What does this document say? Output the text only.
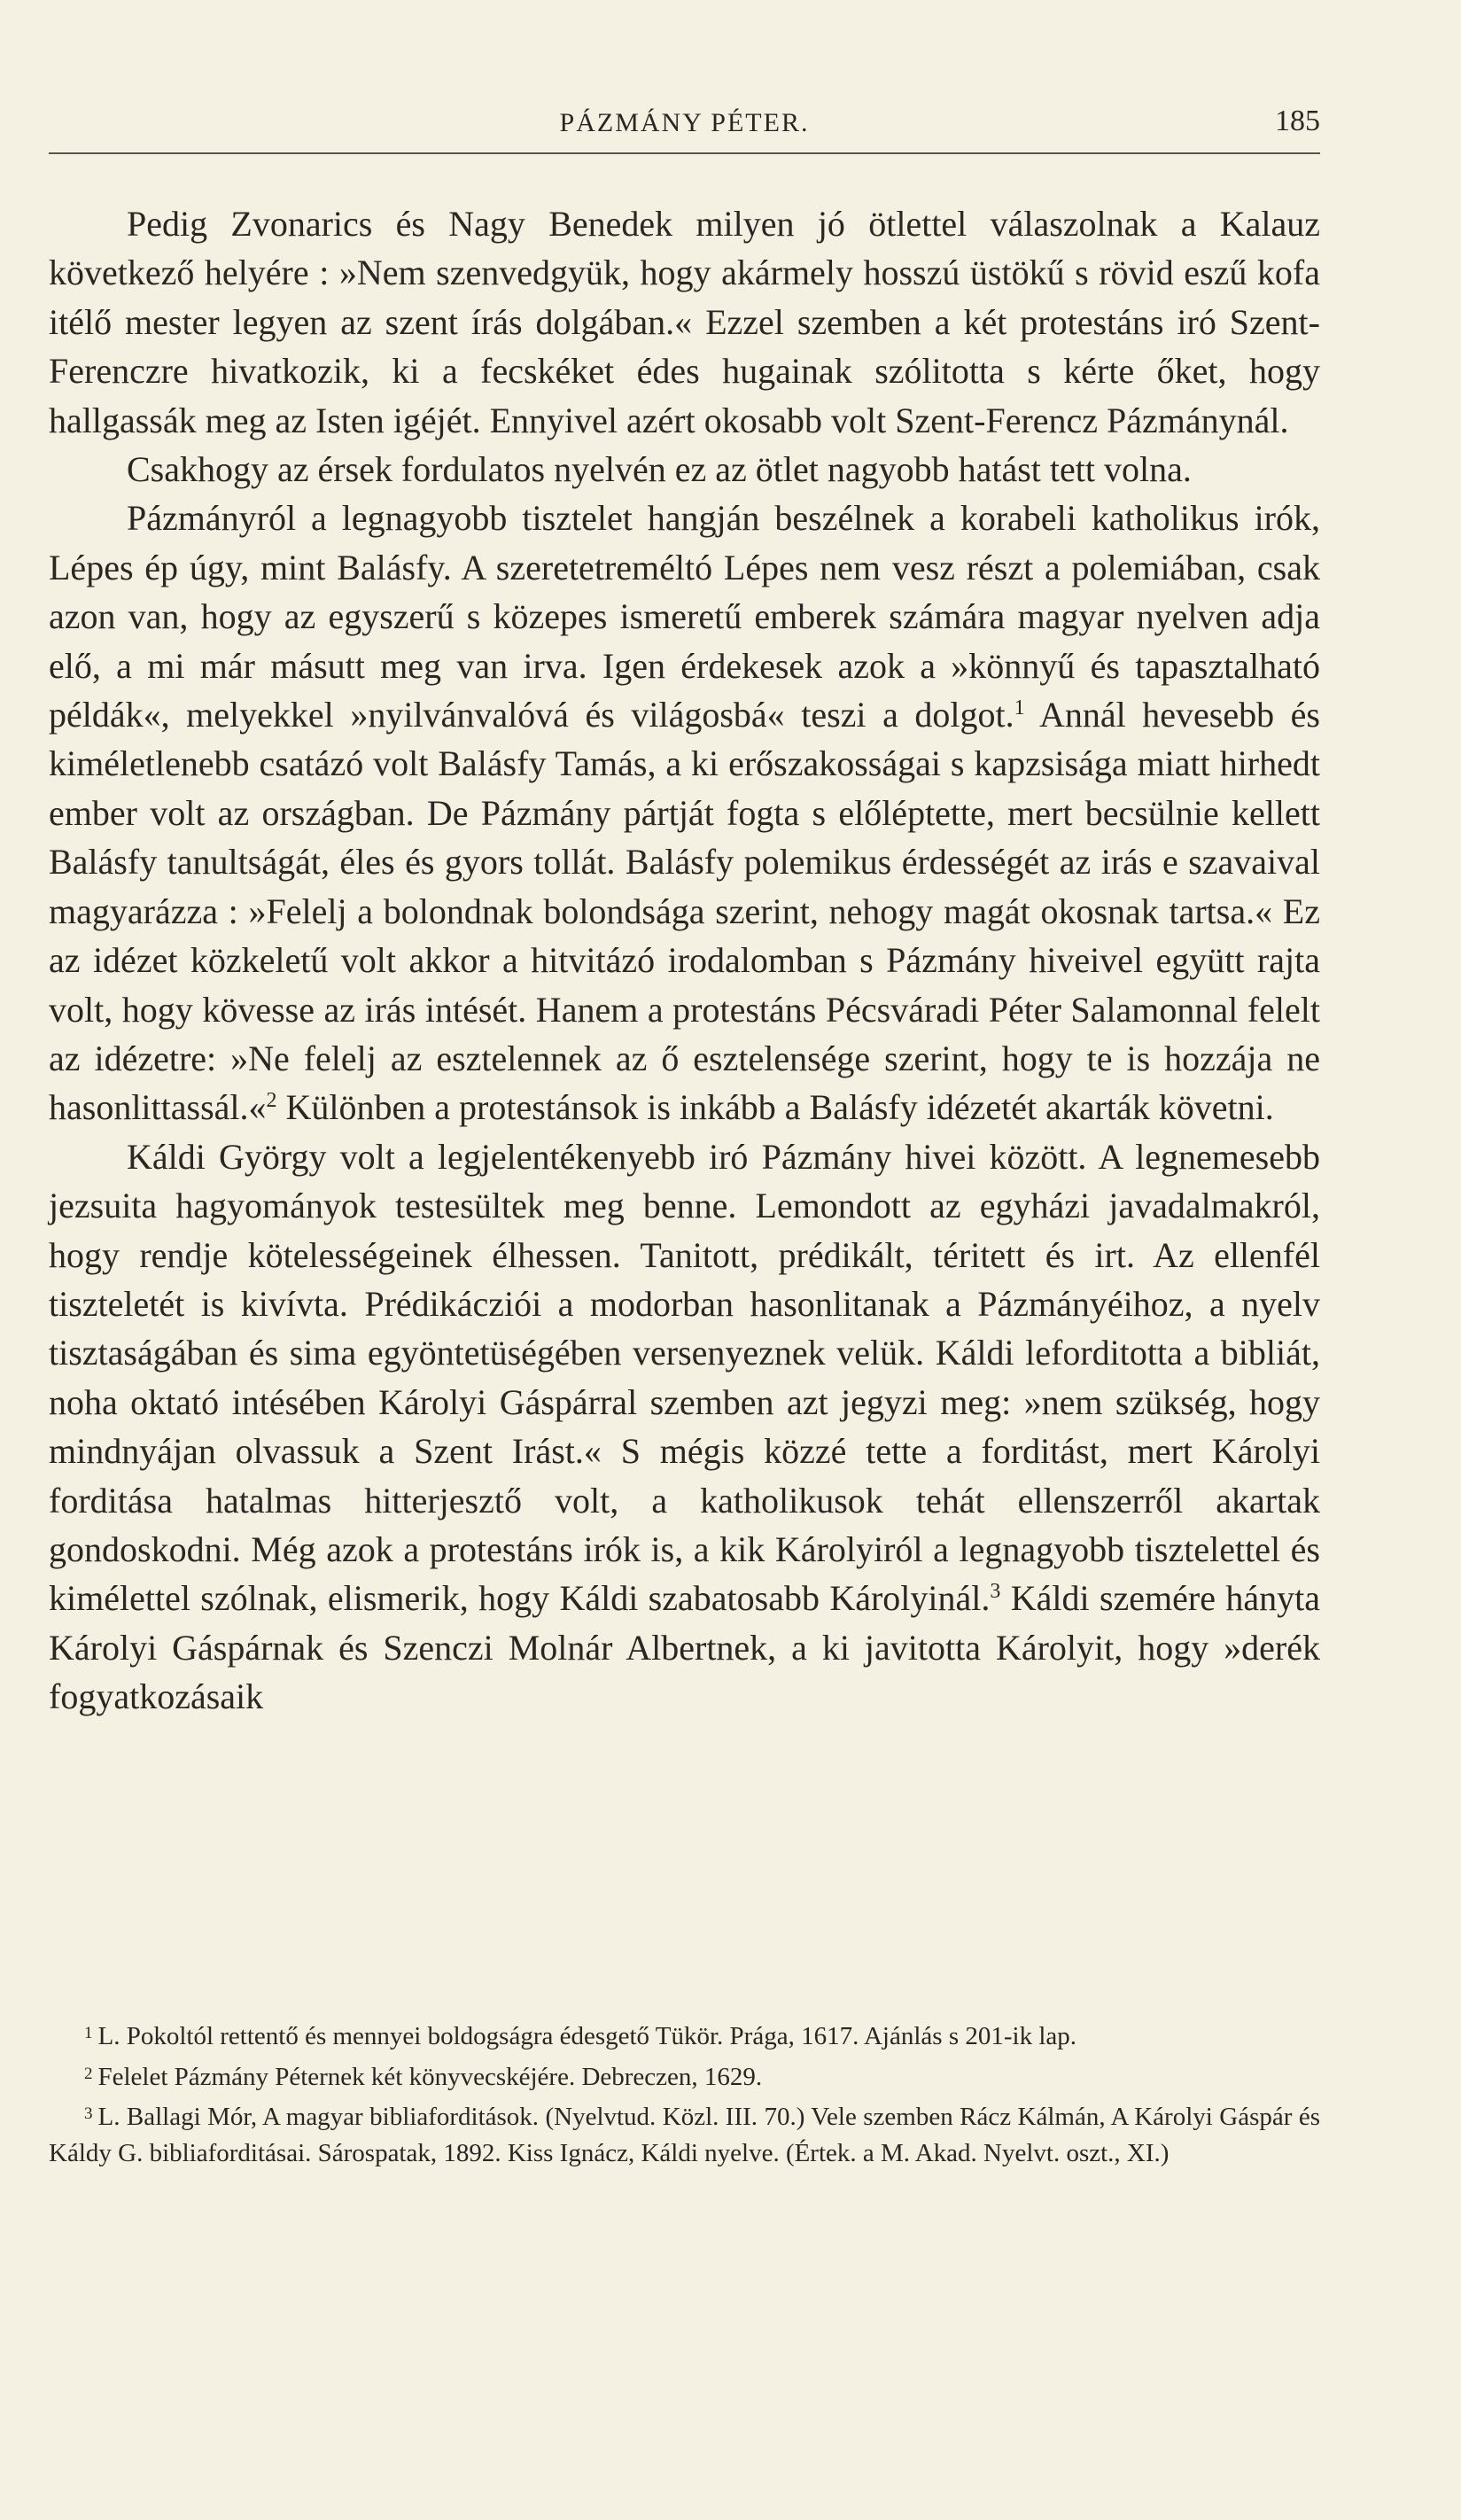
PÁZMÁNY PÉTER.	185

Pedig Zvonarics és Nagy Benedek milyen jó ötlettel válaszolnak a Kalauz következő helyére : »Nem szenvedgyük, hogy akármely hosszú üstökű s rövid eszű kofa itélő mester legyen az szent írás dolgában.« Ezzel szemben a két protestáns iró Szent-Ferenczre hivatkozik, ki a fecskéket édes hugainak szólitotta s kérte őket, hogy hallgassák meg az Isten igéjét. Ennyivel azért okosabb volt Szent-Ferencz Pázmánynál.

Csakhogy az érsek fordulatos nyelvén ez az ötlet nagyobb hatást tett volna.

Pázmányról a legnagyobb tisztelet hangján beszélnek a korabeli katholikus irók, Lépes ép úgy, mint Balásfy. A szeretetreméltó Lépes nem vesz részt a polemiában, csak azon van, hogy az egyszerű s közepes ismeretű emberek számára magyar nyelven adja elő, a mi már másutt meg van irva. Igen érdekesek azok a »könnyű és tapasztalható példák«, melyekkel »nyilvánvalóvá és világosbá« teszi a dolgot.$^1$ Annál hevesebb és kiméletlenebb csatázó volt Balásfy Tamás, a ki erőszakosságai s kapzsisága miatt hirhedt ember volt az országban. De Pázmány pártját fogta s előléptette, mert becsülnie kellett Balásfy tanultságát, éles és gyors tollát. Balásfy polemikus érdességét az irás e szavaival magyarázza : »Felelj a bolondnak bolondsága szerint, nehogy magát okosnak tartsa.« Ez az idézet közkeletű volt akkor a hitvitázó irodalomban s Pázmány hiveivel együtt rajta volt, hogy kövesse az irás intését. Hanem a protestáns Pécsváradi Péter Salamonnal felelt az idézetre: »Ne felelj az esztelennek az ő esztelensége szerint, hogy te is hozzája ne hasonlittassál.«$^2$ Különben a protestánsok is inkább a Balásfy idézetét akarták követni.

Káldi György volt a legjelentékenyebb iró Pázmány hivei között. A legnemesebb jezsuita hagyományok testesültek meg benne. Lemondott az egyházi javadalmakról, hogy rendje kötelességeinek élhessen. Tanitott, prédikált, téritett és irt. Az ellenfél tiszteletét is kivívta. Prédikácziói a modorban hasonlitanak a Pázmányéihoz, a nyelv tisztaságában és sima egyöntetüségében versenyeznek velük. Káldi leforditotta a bibliát, noha oktató intésében Károlyi Gáspárral szemben azt jegyzi meg: »nem szükség, hogy mindnyájan olvassuk a Szent Irást.« S mégis közzé tette a forditást, mert Károlyi forditása hatalmas hitterjesztő volt, a katholikusok tehát ellenszerről akartak gondoskodni. Még azok a protestáns irók is, a kik Károlyiról a legnagyobb tisztelettel és kimélettel szólnak, elismerik, hogy Káldi szabatosabb Károlyinál.$^3$ Káldi szemére hányta Károlyi Gáspárnak és Szenczi Molnár Albertnek, a ki javitotta Károlyit, hogy »derék fogyatkozásaik

$^1$ L. Pokoltól rettentő és mennyei boldogságra édesgető Tükör. Prága, 1617. Ajánlás s 201-ik lap.

$^2$ Felelet Pázmány Péternek két könyvecskéjére. Debreczen, 1629.

$^3$ L. Ballagi Mór, A magyar bibliaforditások. (Nyelvtud. Közl. III. 70.) Vele szemben Rácz Kálmán, A Károlyi Gáspár és Káldy G. bibliaforditásai. Sárospatak, 1892. Kiss Ignácz, Káldi nyelve. (Értek. a M. Akad. Nyelvt. oszt., XI.)
